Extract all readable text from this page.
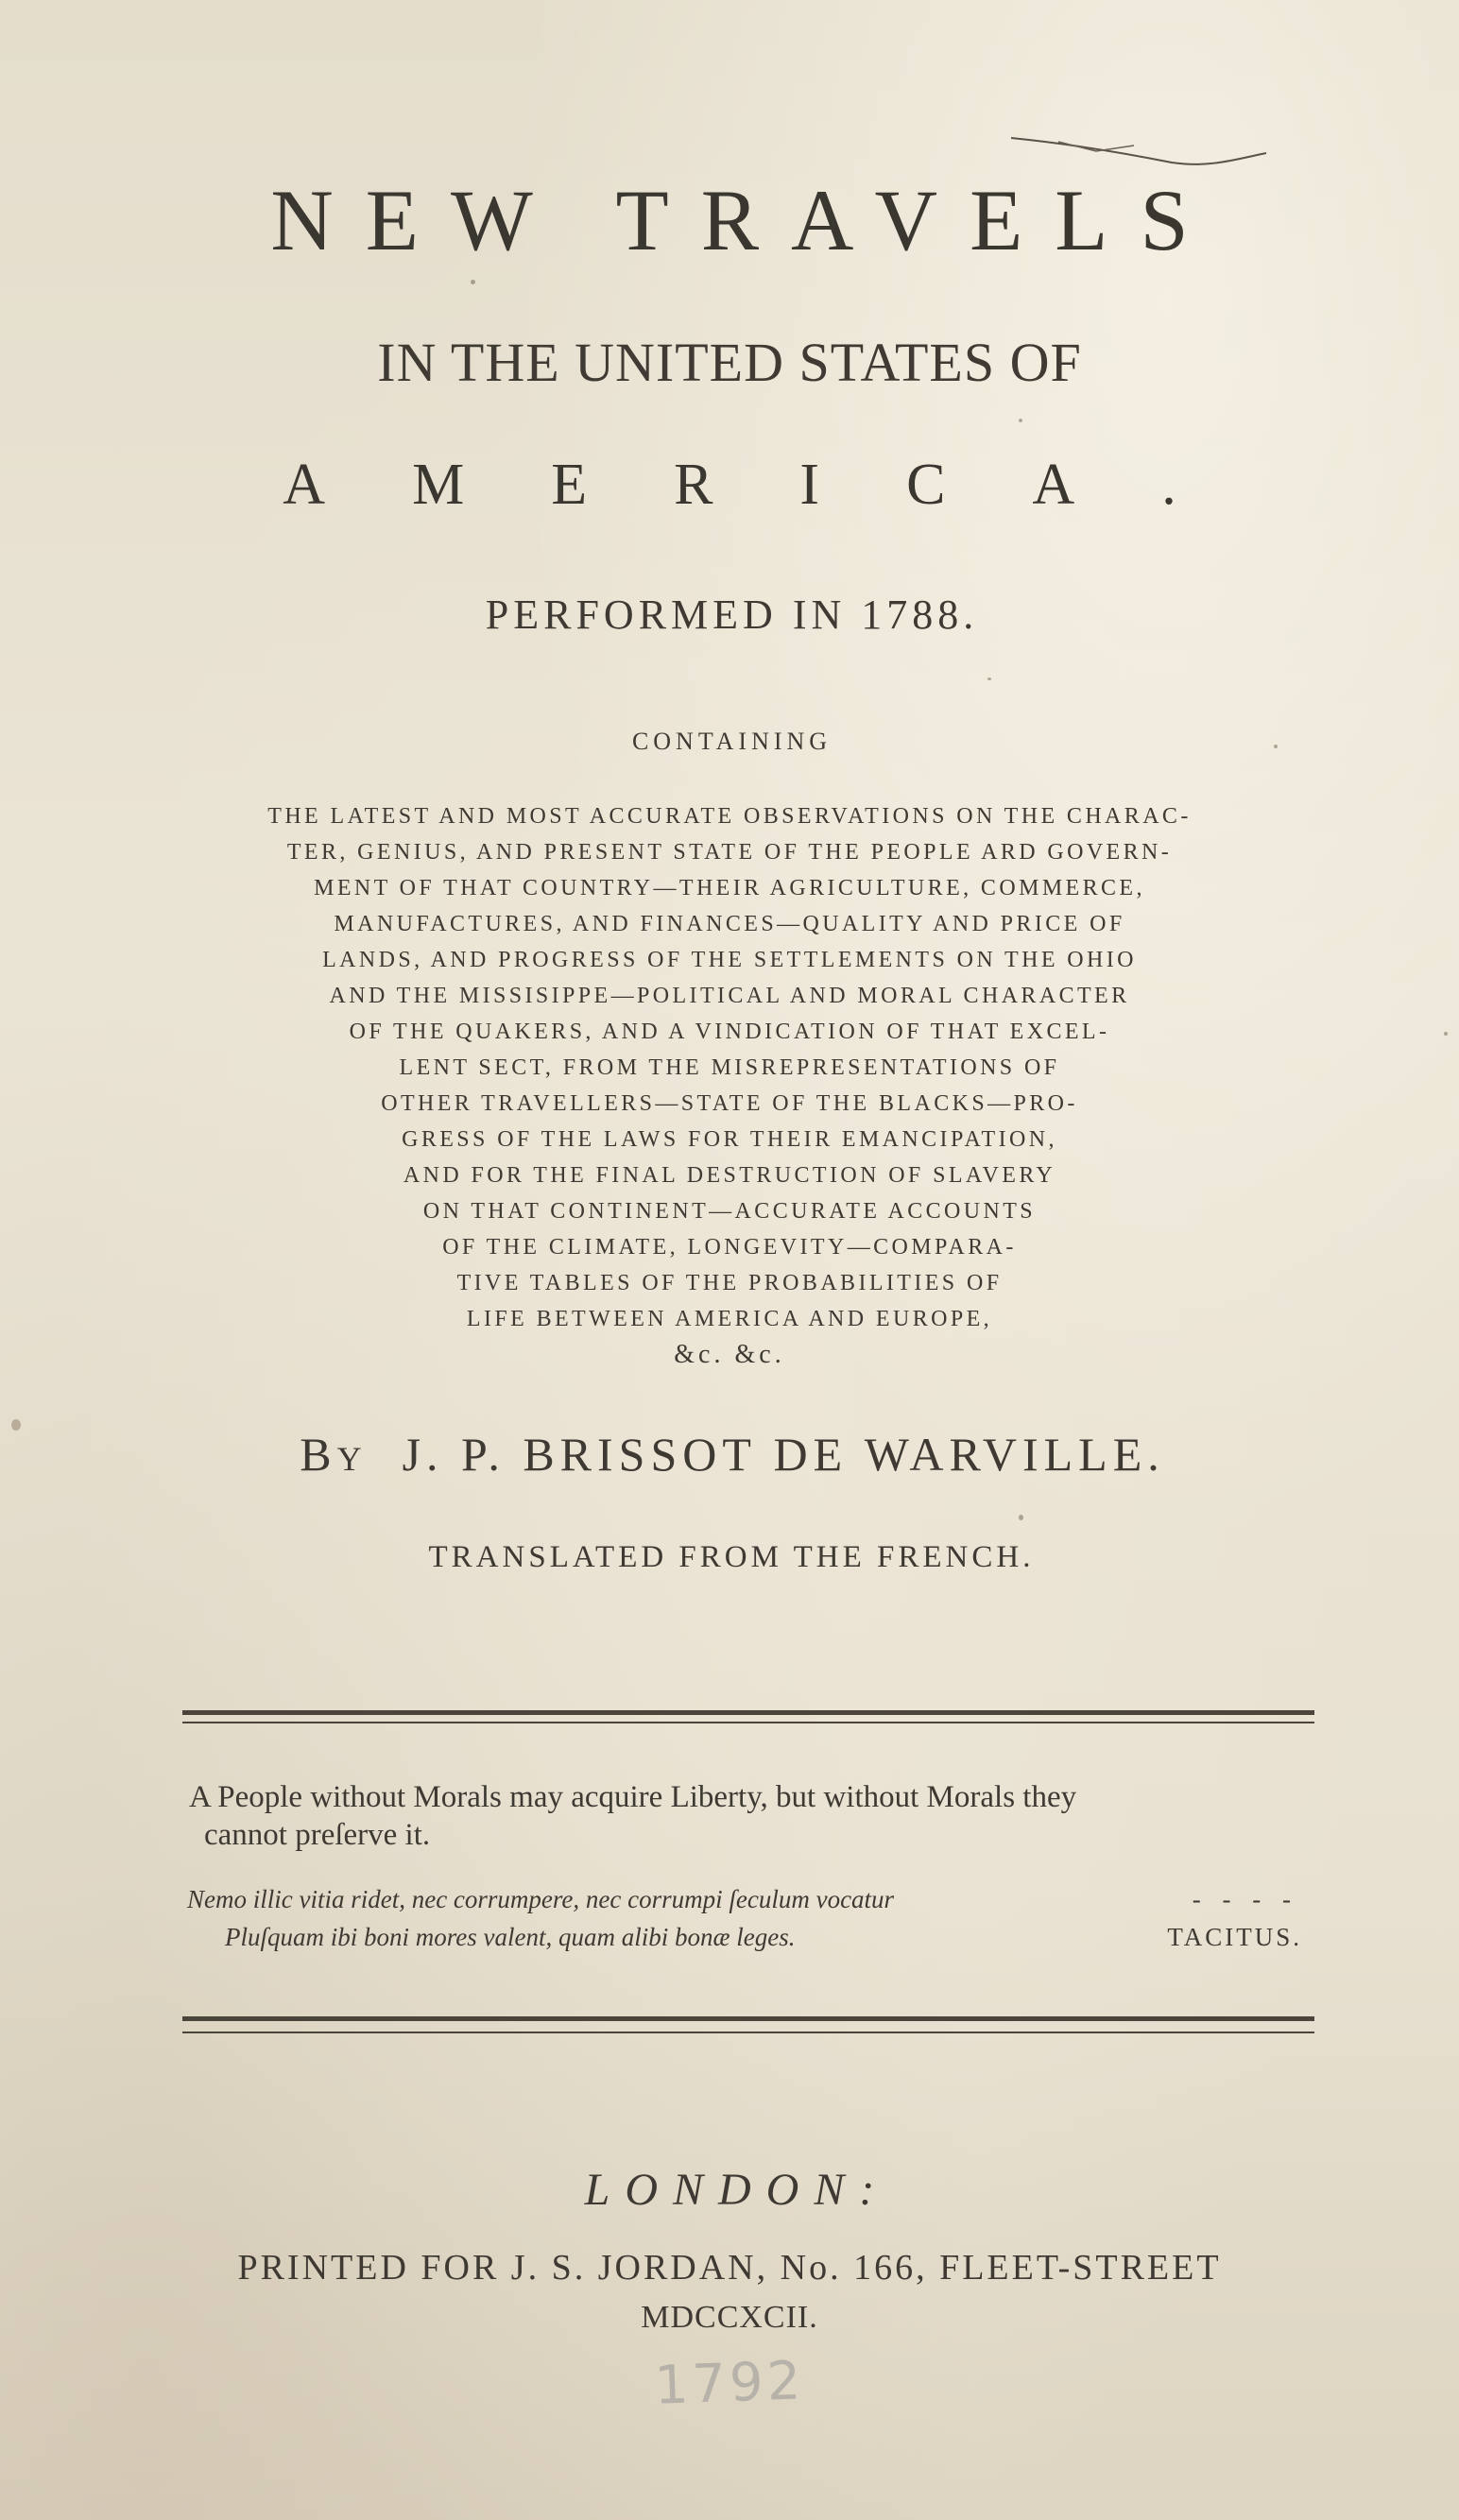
NEW TRAVELS
IN THE UNITED STATES OF
AMERICA.
PERFORMED IN 1788.
CONTAINING
THE LATEST AND MOST ACCURATE OBSERVATIONS ON THE CHARAC-
TER, GENIUS, AND PRESENT STATE OF THE PEOPLE ARD GOVERN-
MENT OF THAT COUNTRY—THEIR AGRICULTURE, COMMERCE,
MANUFACTURES, AND FINANCES—QUALITY AND PRICE OF
LANDS, AND PROGRESS OF THE SETTLEMENTS ON THE OHIO
AND THE MISSISIPPE—POLITICAL AND MORAL CHARACTER
OF THE QUAKERS, AND A VINDICATION OF THAT EXCEL-
LENT SECT, FROM THE MISREPRESENTATIONS OF
OTHER TRAVELLERS—STATE OF THE BLACKS—PRO-
GRESS OF THE LAWS FOR THEIR EMANCIPATION,
AND FOR THE FINAL DESTRUCTION OF SLAVERY
ON THAT CONTINENT—ACCURATE ACCOUNTS
OF THE CLIMATE, LONGEVITY—COMPARA-
TIVE TABLES OF THE PROBABILITIES OF
LIFE BETWEEN AMERICA AND EUROPE,
&c. &c.
BY J. P. BRISSOT DE WARVILLE.
TRANSLATED FROM THE FRENCH.
A People without Morals may acquire Liberty, but without Morals they
cannot preſerve it.
Nemo illic vitia ridet, nec corrumpere, nec corrumpi ſeculum vocatur	- - - -
Pluſquam ibi boni mores valent, quam alibi bonæ leges.	TACITUS.
LONDON:
PRINTED FOR J. S. JORDAN, No. 166, FLEET-STREET
MDCCXCII.
1792
